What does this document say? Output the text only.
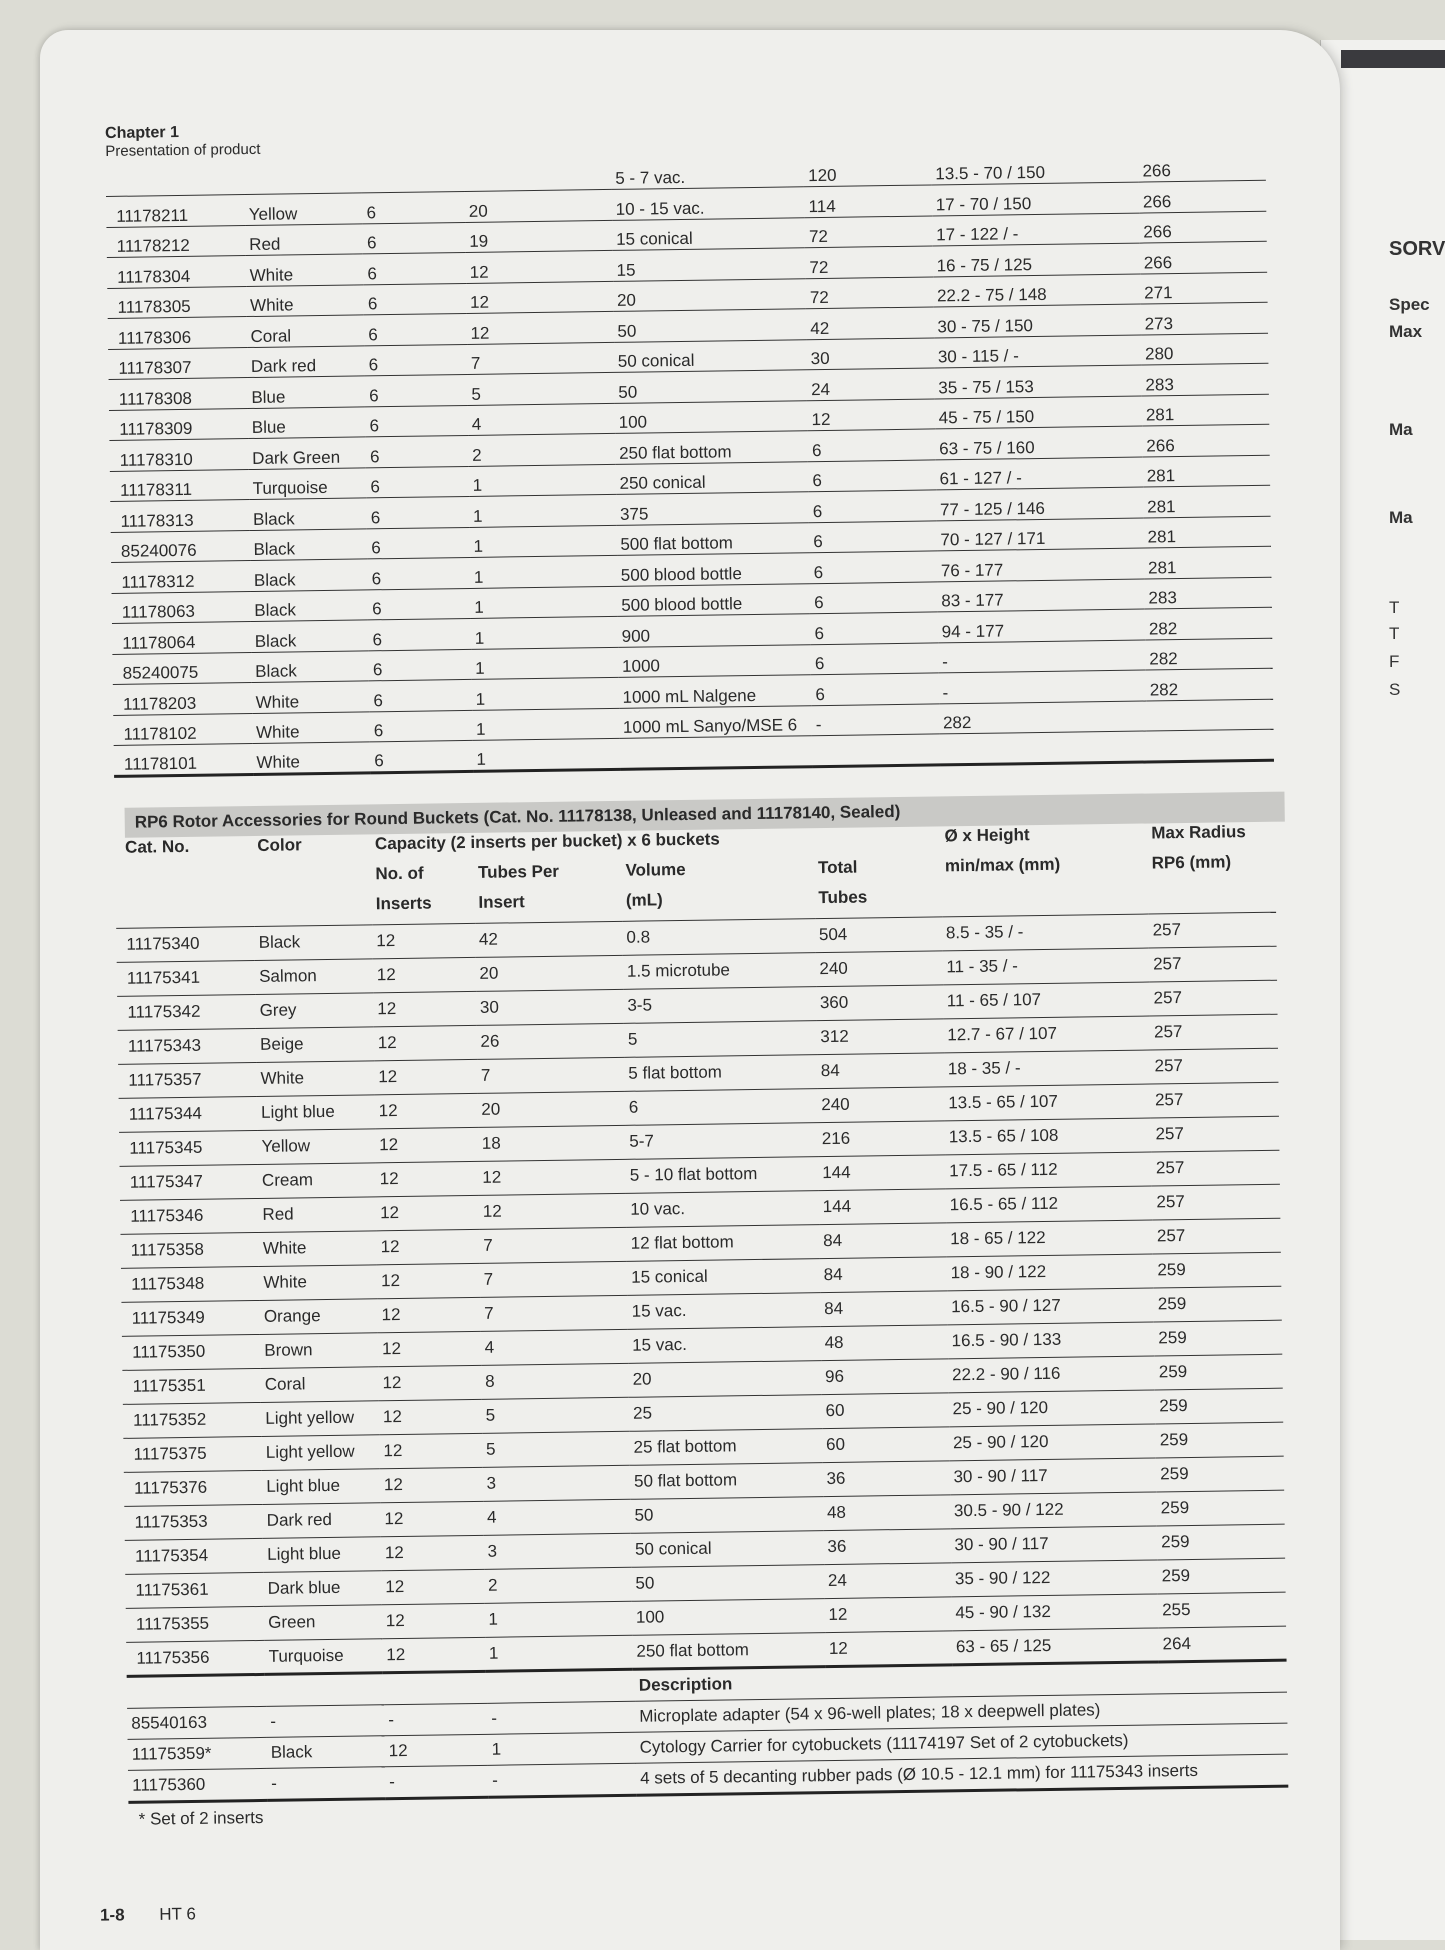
SORV
Spec
Max
Ma
Ma
T
T
F
S
Chapter 1
Presentation of product
				5 - 7 vac.	120	13.5 - 70 / 150	266
11178211	Yellow	6	20	10 - 15 vac.	114	17 - 70 / 150	266
11178212	Red	6	19	15 conical	72	17 - 122 / -	266
11178304	White	6	12	15	72	16 - 75 / 125	266
11178305	White	6	12	20	72	22.2 - 75 / 148	271
11178306	Coral	6	12	50	42	30 - 75 / 150	273
11178307	Dark red	6	7	50 conical	30	30 - 115 / -	280
11178308	Blue	6	5	50	24	35 - 75 / 153	283
11178309	Blue	6	4	100	12	45 - 75 / 150	281
11178310	Dark Green	6	2	250 flat bottom	6	63 - 75 / 160	266
11178311	Turquoise	6	1	250 conical	6	61 - 127 / -	281
11178313	Black	6	1	375	6	77 - 125 / 146	281
85240076	Black	6	1	500 flat bottom	6	70 - 127 / 171	281
11178312	Black	6	1	500 blood bottle	6	76 - 177	281
11178063	Black	6	1	500 blood bottle	6	83 - 177	283
11178064	Black	6	1	900	6	94 - 177	282
85240075	Black	6	1	1000	6	-	282
11178203	White	6	1	1000 mL Nalgene	6	-	282
11178102	White	6	1	1000 mL Sanyo/MSE 6	-	282	
11178101	White	6	1				
RP6 Rotor Accessories for Round Buckets (Cat. No. 11178138, Unleased and 11178140, Sealed)
Cat. No.	Color	Capacity (2 inserts per bucket) x 6 buckets				Ø x Height	Max Radius
		No. of	Tubes Per	Volume	Total	min/max (mm)	RP6 (mm)
		Inserts	Insert	(mL)	Tubes		
11175340	Black	12	42	0.8	504	8.5 - 35 / -	257
11175341	Salmon	12	20	1.5 microtube	240	11 - 35 / -	257
11175342	Grey	12	30	3-5	360	11 - 65 / 107	257
11175343	Beige	12	26	5	312	12.7 - 67 / 107	257
11175357	White	12	7	5 flat bottom	84	18 - 35 / -	257
11175344	Light blue	12	20	6	240	13.5 - 65 / 107	257
11175345	Yellow	12	18	5-7	216	13.5 - 65 / 108	257
11175347	Cream	12	12	5 - 10 flat bottom	144	17.5 - 65 / 112	257
11175346	Red	12	12	10 vac.	144	16.5 - 65 / 112	257
11175358	White	12	7	12 flat bottom	84	18 - 65 / 122	257
11175348	White	12	7	15 conical	84	18 - 90 / 122	259
11175349	Orange	12	7	15 vac.	84	16.5 - 90 / 127	259
11175350	Brown	12	4	15 vac.	48	16.5 - 90 / 133	259
11175351	Coral	12	8	20	96	22.2 - 90 / 116	259
11175352	Light yellow	12	5	25	60	25 - 90 / 120	259
11175375	Light yellow	12	5	25 flat bottom	60	25 - 90 / 120	259
11175376	Light blue	12	3	50 flat bottom	36	30 - 90 / 117	259
11175353	Dark red	12	4	50	48	30.5 - 90 / 122	259
11175354	Light blue	12	3	50 conical	36	30 - 90 / 117	259
11175361	Dark blue	12	2	50	24	35 - 90 / 122	259
11175355	Green	12	1	100	12	45 - 90 / 132	255
11175356	Turquoise	12	1	250 flat bottom	12	63 - 65 / 125	264
				Description
85540163	-	-	-	Microplate adapter (54 x 96-well plates; 18 x deepwell plates)
11175359*	Black	12	1	Cytology Carrier for cytobuckets (11174197 Set of 2 cytobuckets)
11175360	-	-	-	4 sets of 5 decanting rubber pads (Ø 10.5 - 12.1 mm) for 11175343 inserts
* Set of 2 inserts
1-8 HT 6
